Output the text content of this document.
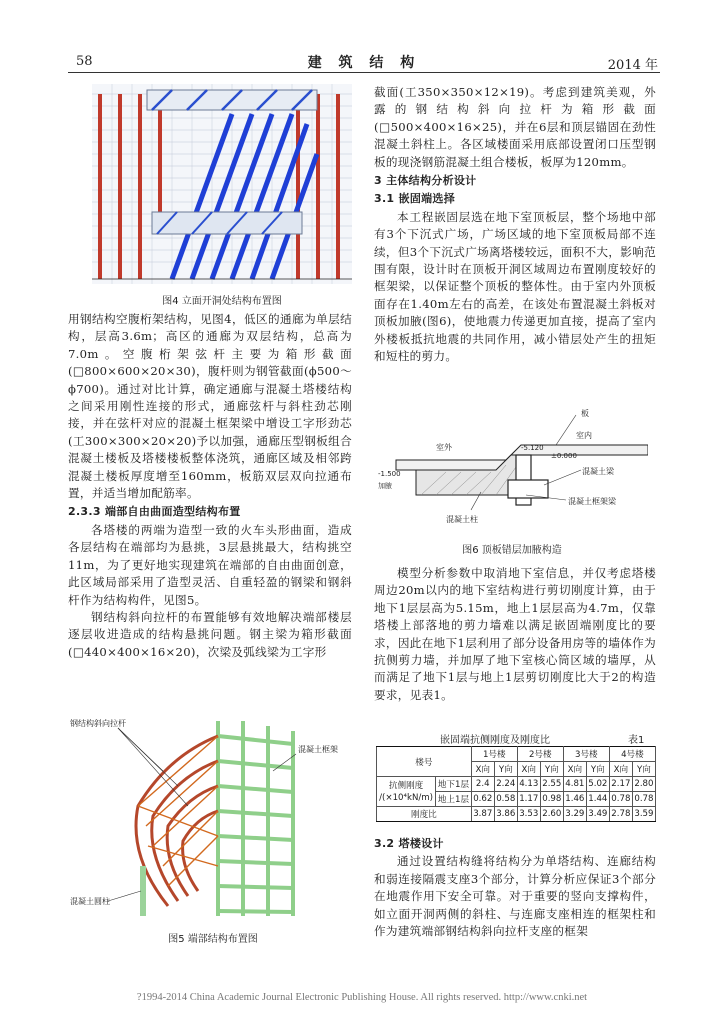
58	建 筑 结 构	2014 年
图4 立面开洞处结构布置图

用钢结构空腹桁架结构，见图4，低区的通廊为单层结构，层高3.6m；高区的通廊为双层结构，总高为7.0m。空腹桁架弦杆主要为箱形截面(□800×600×20×30)，腹杆则为钢管截面(ϕ500～ϕ700)。通过对比计算，确定通廊与混凝土塔楼结构之间采用刚性连接的形式，通廊弦杆与斜柱劲芯刚接，并在弦杆对应的混凝土框架梁中增设工字形劲芯(工300×300×20×20)予以加强，通廊压型钢板组合混凝土楼板及塔楼楼板整体浇筑，通廊区域及相邻跨混凝土楼板厚度增至160mm，板筋双层双向拉通布置，并适当增加配筋率。

2.3.3 端部自由曲面造型结构布置

各塔楼的两端为造型一致的火车头形曲面，造成各层结构在端部均为悬挑，3层悬挑最大，结构挑空11m，为了更好地实现建筑在端部的自由曲面创意，此区域局部采用了造型灵活、自重轻盈的钢梁和钢斜杆作为结构构件，见图5。

钢结构斜向拉杆的布置能够有效地解决端部楼层逐层收进造成的结构悬挑问题。钢主梁为箱形截面(□440×400×16×20)，次梁及弧线梁为工字形

钢结构斜向拉杆
混凝土框架
混凝土圆柱
图5 端部结构布置图

截面(工350×350×12×19)。考虑到建筑美观，外露的钢结构斜向拉杆为箱形截面(□500×400×16×25)，并在6层和顶层锚固在劲性混凝土斜柱上。各区域楼面采用底部设置闭口压型钢板的现浇钢筋混凝土组合楼板，板厚为120mm。

3 主体结构分析设计

3.1 嵌固端选择

本工程嵌固层选在地下室顶板层，整个场地中部有3个下沉式广场，广场区域的地下室顶板局部不连续，但3个下沉式广场离塔楼较远，面积不大，影响范围有限，设计时在顶板开洞区域周边布置刚度较好的框架梁，以保证整个顶板的整体性。由于室内外顶板面存在1.40m左右的高差，在该处布置混凝土斜板对顶板加腋(图6)，使地震力传递更加直接，提高了室内外楼板抵抗地震的共同作用，减小错层处产生的扭矩和短柱的剪力。

板
室内
室外
±0.000
-1.500
加腋
混凝土梁
混凝土框架梁
混凝土柱
-5.120
图6 顶板错层加腋构造

模型分析参数中取消地下室信息，并仅考虑塔楼周边20m以内的地下室结构进行剪切刚度计算，由于地下1层层高为5.15m，地上1层层高为4.7m，仅靠塔楼上部落地的剪力墙难以满足嵌固端刚度比的要求，因此在地下1层利用了部分设备用房等的墙体作为抗侧剪力墙，并加厚了地下室核心筒区域的墙厚，从而满足了地下1层与地上1层剪切刚度比大于2的构造要求，见表1。

嵌固端抗侧刚度及刚度比	表1
楼号		1号楼		2号楼		3号楼		4号楼	
		X向	Y向	X向	Y向	X向	Y向	X向	Y向
抗侧刚度
/(×10⁴kN/m)	地下1层	2.4	2.24	4.13	2.55	4.81	5.02	2.17	2.80
	地上1层	0.62	0.58	1.17	0.98	1.46	1.44	0.78	0.78
刚度比		3.87	3.86	3.53	2.60	3.29	3.49	2.78	3.59

3.2 塔楼设计

通过设置结构缝将结构分为单塔结构、连廊结构和弱连接隔震支座3个部分，计算分析应保证3个部分在地震作用下安全可靠。对于重要的竖向支撑构件，如立面开洞两侧的斜柱、与连廊支座相连的框架柱和作为建筑端部钢结构斜向拉杆支座的框架

?1994-2014 China Academic Journal Electronic Publishing House. All rights reserved. http://www.cnki.net
